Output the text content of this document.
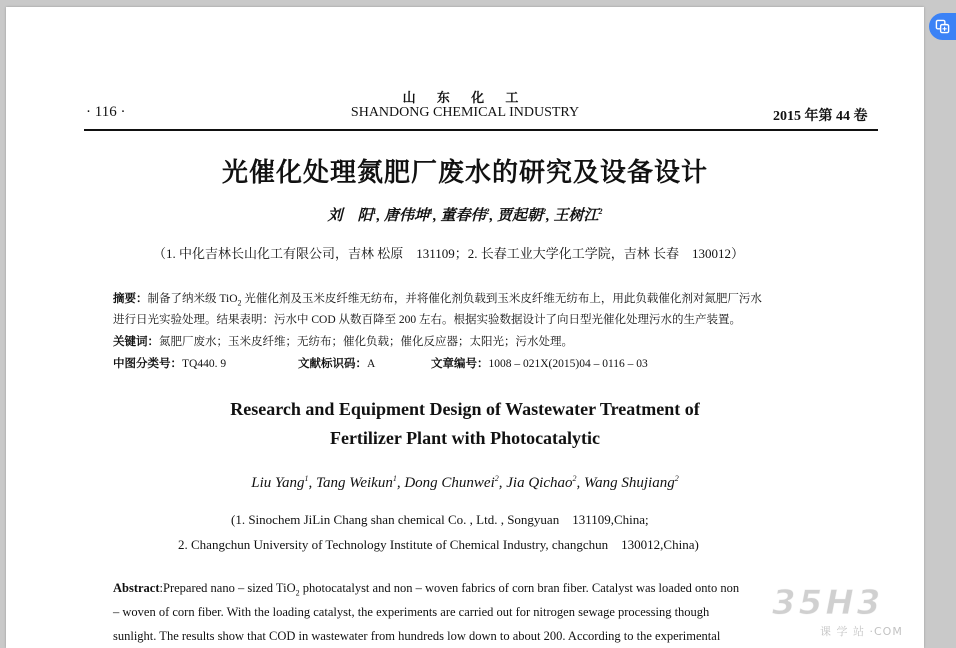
山 东 化 工
SHANDONG CHEMICAL INDUSTRY
· 116 ·	2015 年第 44 卷
光催化处理氮肥厂废水的研究及设备设计
刘　阳$^1$, 唐伟坤$^1$, 董春伟$^2$, 贾起朝$^2$, 王树江$^2$
（1. 中化吉林长山化工有限公司，吉林 松原　131109；2. 长春工业大学化工学院，吉林 长春　130012）
摘要：制备了纳米级 TiO$_2$ 光催化剂及玉米皮纤维无纺布，并将催化剂负载到玉米皮纤维无纺布上，用此负载催化剂对氮肥厂污水
进行日光实验处理。结果表明：污水中 COD 从数百降至 200 左右。根据实验数据设计了向日型光催化处理污水的生产装置。
关键词：氮肥厂废水；玉米皮纤维；无纺布；催化负载；催化反应器；太阳光；污水处理。
中图分类号：TQ440. 9	文献标识码：A	文章编号：1008 – 021X(2015)04 – 0116 – 03
Research and Equipment Design of Wastewater Treatment of
Fertilizer Plant with Photocatalytic
Liu Yang$^1$, Tang Weikun$^1$, Dong Chunwei$^2$, Jia Qichao$^2$, Wang Shujiang$^2$
(1. Sinochem JiLin Chang shan chemical Co. , Ltd. , Songyuan　131109,China;
2. Changchun University of Technology Institute of Chemical Industry, changchun　130012,China)
Abstract:Prepared nano – sized TiO$_2$ photocatalyst and non – woven fabrics of corn bran fiber. Catalyst was loaded onto non
– woven of corn fiber. With the loading catalyst, the experiments are carried out for nitrogen sewage processing though
sunlight. The results show that COD in wastewater from hundreds low down to about 200. According to the experimental
35H3
课 学 站 ·COM
